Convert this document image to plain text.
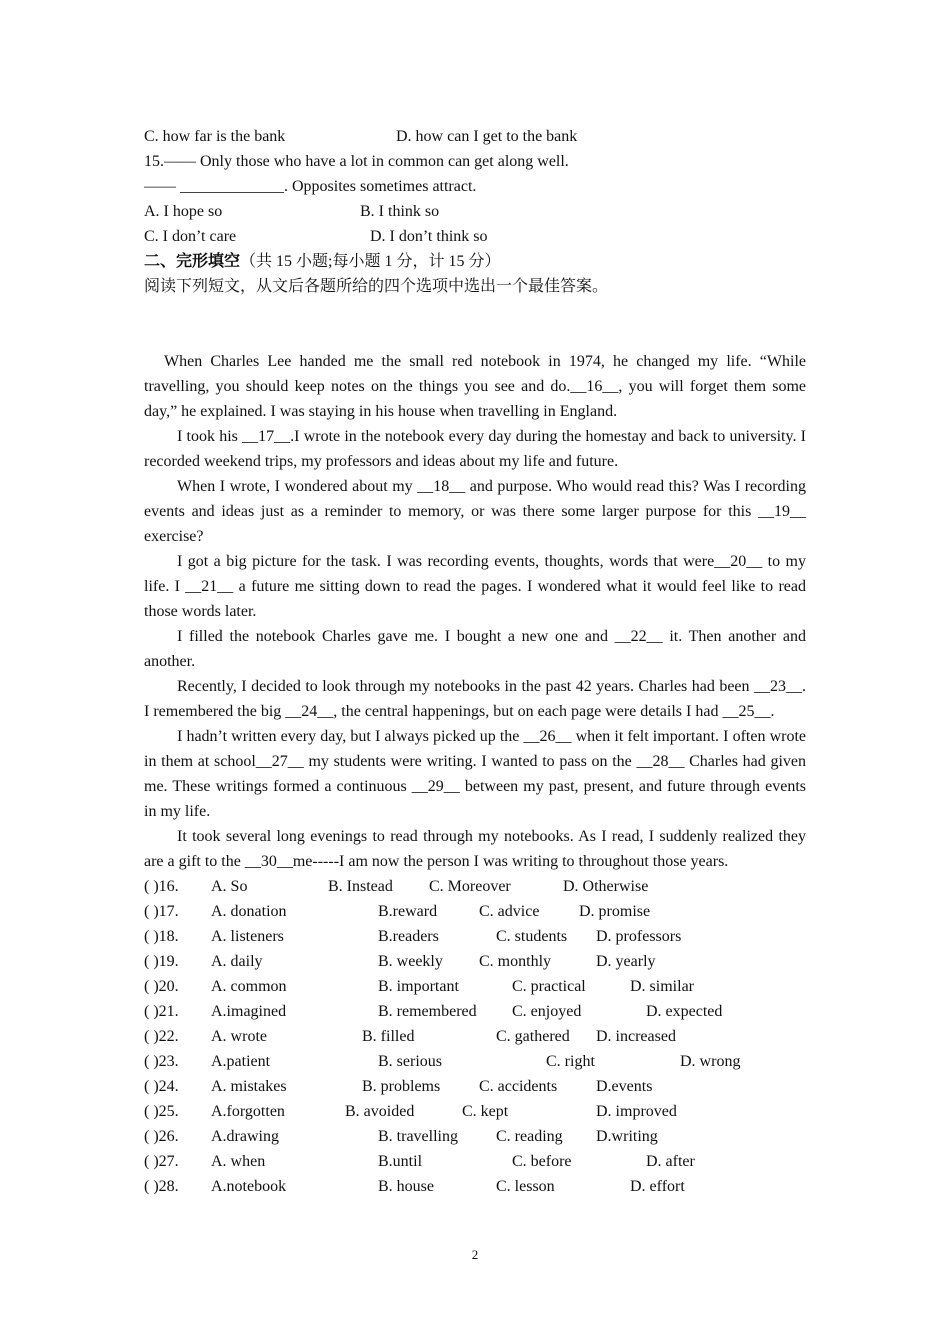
C. how far is the bank	D. how can I get to the bank
15.—— Only those who have a lot in common can get along well.
—— _____________. Opposites sometimes attract.
A. I hope so	B. I think so
C. I don’t care	D. I don’t think so
二、完形填空（共 15 小题;每小题 1 分，计 15 分）
阅读下列短文，从文后各题所给的四个选项中选出一个最佳答案。

When Charles Lee handed me the small red notebook in 1974, he changed my life. “While travelling, you should keep notes on the things you see and do.__16__, you will forget them some day,” he explained. I was staying in his house when travelling in England.

I took his __17__.I wrote in the notebook every day during the homestay and back to university. I recorded weekend trips, my professors and ideas about my life and future.

When I wrote, I wondered about my __18__ and purpose. Who would read this? Was I recording events and ideas just as a reminder to memory, or was there some larger purpose for this __19__ exercise?

I got a big picture for the task. I was recording events, thoughts, words that were__20__ to my life. I __21__ a future me sitting down to read the pages. I wondered what it would feel like to read those words later.

I filled the notebook Charles gave me. I bought a new one and __22__ it. Then another and another.

Recently, I decided to look through my notebooks in the past 42 years. Charles had been __23__. I remembered the big __24__, the central happenings, but on each page were details I had __25__.

I hadn’t written every day, but I always picked up the __26__ when it felt important. I often wrote in them at school__27__ my students were writing. I wanted to pass on the __28__ Charles had given me. These writings formed a continuous __29__ between my past, present, and future through events in my life.

It took several long evenings to read through my notebooks. As I read, I suddenly realized they are a gift to the __30__me-----I am now the person I was writing to throughout those years.

( )16. A. So	B. Instead C. Moreover	D. Otherwise
( )17. A. donation	B.reward	C. advice D. promise
( )18. A. listeners	B.readers	C. students D. professors
( )19. A. daily	B. weekly C. monthly	D. yearly
( )20. A. common	B. important	C. practical	D. similar
( )21. A.imagined	B. remembered C. enjoyed	D. expected
( )22. A. wrote	B. filled	C. gathered D. increased
( )23. A.patient	B. serious	C. right	D. wrong
( )24. A. mistakes	B. problems C. accidents D.events
( )25. A.forgotten	B. avoided	C. kept	D. improved
( )26. A.drawing	B. travelling C. reading D.writing
( )27. A. when	B.until	C. before	D. after
( )28. A.notebook	B. house	C. lesson	D. effort
2
